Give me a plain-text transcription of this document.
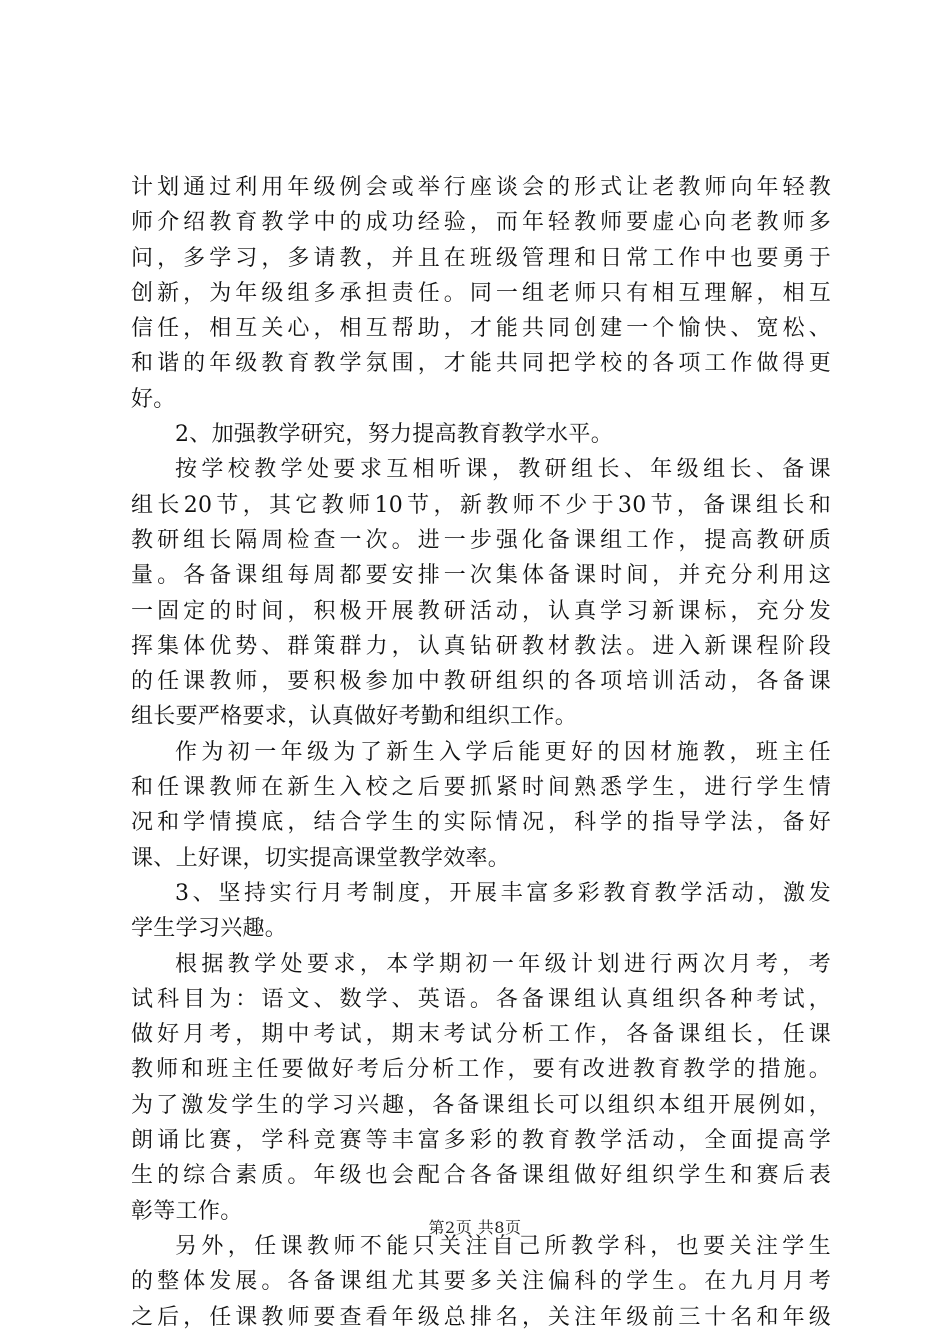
计划通过利用年级例会或举行座谈会的形式让老教师向年轻教
师介绍教育教学中的成功经验，而年轻教师要虚心向老教师多
问，多学习，多请教，并且在班级管理和日常工作中也要勇于
创新，为年级组多承担责任。同一组老师只有相互理解，相互
信任，相互关心，相互帮助，才能共同创建一个愉快、宽松、
和谐的年级教育教学氛围，才能共同把学校的各项工作做得更
好。
2、加强教学研究，努力提高教育教学水平。
按学校教学处要求互相听课，教研组长、年级组长、备课
组长20节，其它教师10节，新教师不少于30节，备课组长和
教研组长隔周检查一次。进一步强化备课组工作，提高教研质
量。各备课组每周都要安排一次集体备课时间，并充分利用这
一固定的时间，积极开展教研活动，认真学习新课标，充分发
挥集体优势、群策群力，认真钻研教材教法。进入新课程阶段
的任课教师，要积极参加中教研组织的各项培训活动，各备课
组长要严格要求，认真做好考勤和组织工作。
作为初一年级为了新生入学后能更好的因材施教，班主任
和任课教师在新生入校之后要抓紧时间熟悉学生，进行学生情
况和学情摸底，结合学生的实际情况，科学的指导学法，备好
课、上好课，切实提高课堂教学效率。
3、坚持实行月考制度，开展丰富多彩教育教学活动，激发
学生学习兴趣。
根据教学处要求，本学期初一年级计划进行两次月考，考
试科目为：语文、数学、英语。各备课组认真组织各种考试，
做好月考，期中考试，期末考试分析工作，各备课组长，任课
教师和班主任要做好考后分析工作，要有改进教育教学的措施。
为了激发学生的学习兴趣，各备课组长可以组织本组开展例如，
朗诵比赛，学科竞赛等丰富多彩的教育教学活动，全面提高学
生的综合素质。年级也会配合各备课组做好组织学生和赛后表
彰等工作。
另外，任课教师不能只关注自己所教学科，也要关注学生
的整体发展。各备课组尤其要多关注偏科的学生。在九月月考
之后，任课教师要查看年级总排名，关注年级前三十名和年级
第2页 共8页
